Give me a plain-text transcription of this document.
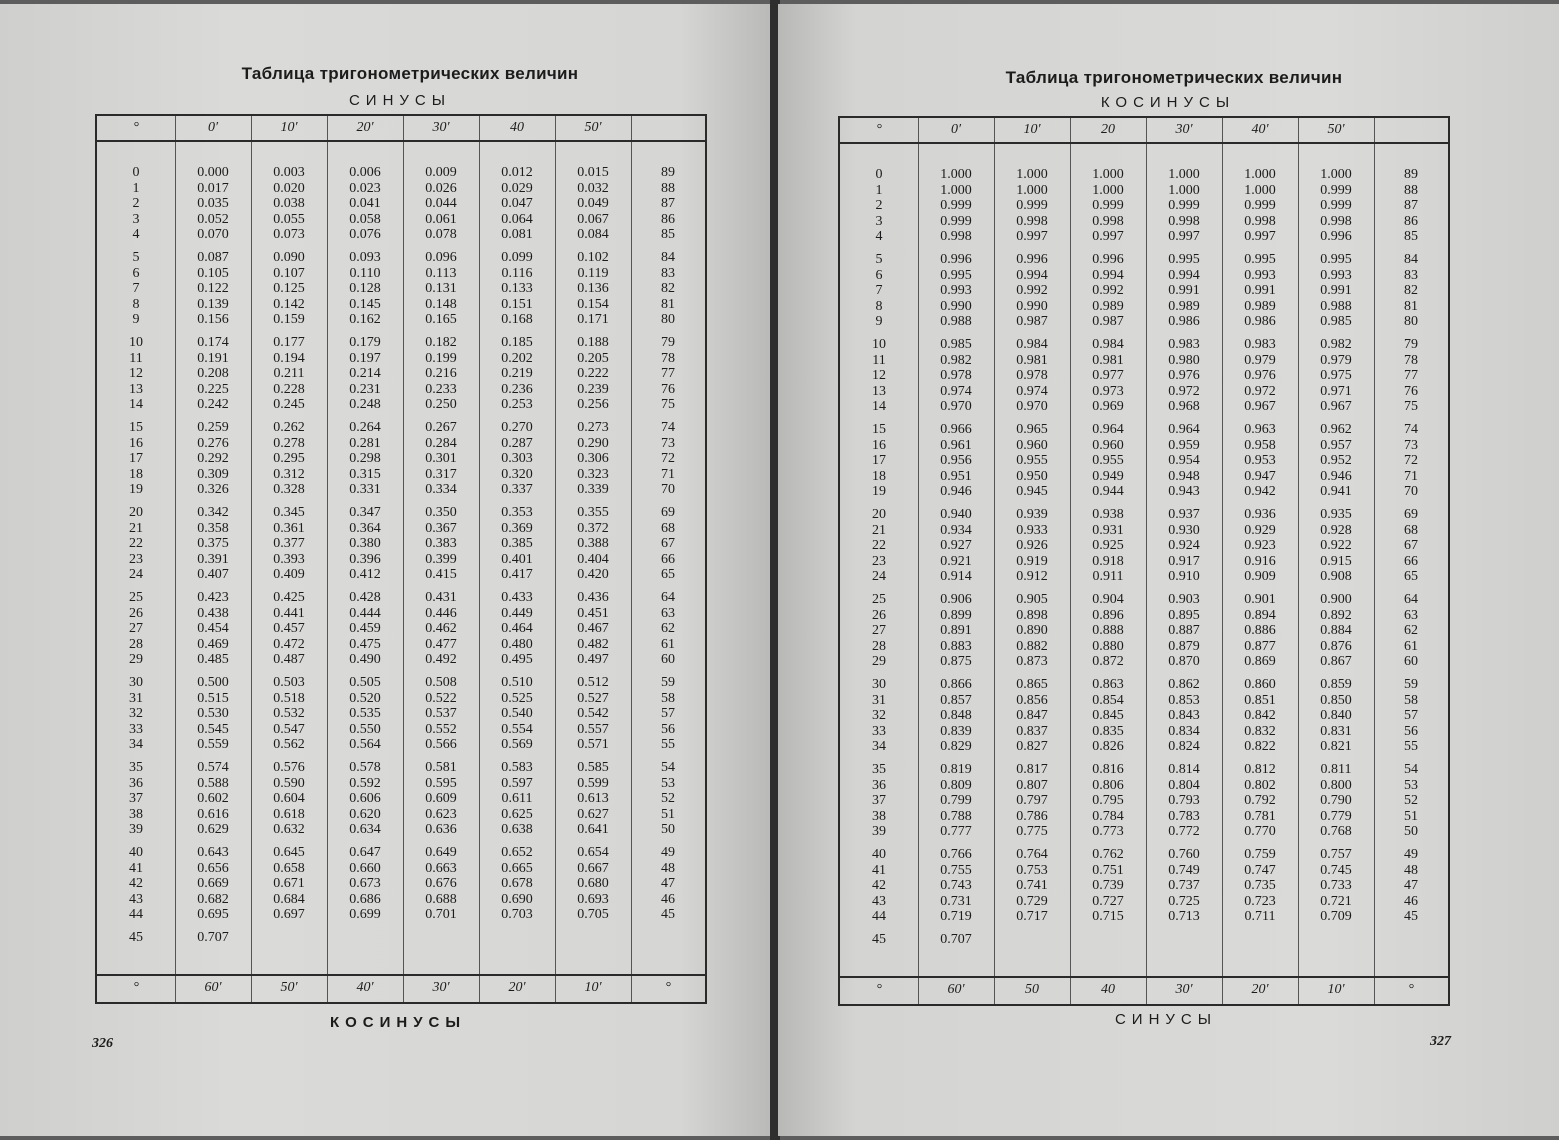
Таблица тригонометрических величин
СИНУСЫ
°	0′	10′	20′	30′	40	50′
0	0.000	0.003	0.006	0.009	0.012	0.015	89
1	0.017	0.020	0.023	0.026	0.029	0.032	88
2	0.035	0.038	0.041	0.044	0.047	0.049	87
3	0.052	0.055	0.058	0.061	0.064	0.067	86
4	0.070	0.073	0.076	0.078	0.081	0.084	85
5	0.087	0.090	0.093	0.096	0.099	0.102	84
6	0.105	0.107	0.110	0.113	0.116	0.119	83
7	0.122	0.125	0.128	0.131	0.133	0.136	82
8	0.139	0.142	0.145	0.148	0.151	0.154	81
9	0.156	0.159	0.162	0.165	0.168	0.171	80
10	0.174	0.177	0.179	0.182	0.185	0.188	79
11	0.191	0.194	0.197	0.199	0.202	0.205	78
12	0.208	0.211	0.214	0.216	0.219	0.222	77
13	0.225	0.228	0.231	0.233	0.236	0.239	76
14	0.242	0.245	0.248	0.250	0.253	0.256	75
15	0.259	0.262	0.264	0.267	0.270	0.273	74
16	0.276	0.278	0.281	0.284	0.287	0.290	73
17	0.292	0.295	0.298	0.301	0.303	0.306	72
18	0.309	0.312	0.315	0.317	0.320	0.323	71
19	0.326	0.328	0.331	0.334	0.337	0.339	70
20	0.342	0.345	0.347	0.350	0.353	0.355	69
21	0.358	0.361	0.364	0.367	0.369	0.372	68
22	0.375	0.377	0.380	0.383	0.385	0.388	67
23	0.391	0.393	0.396	0.399	0.401	0.404	66
24	0.407	0.409	0.412	0.415	0.417	0.420	65
25	0.423	0.425	0.428	0.431	0.433	0.436	64
26	0.438	0.441	0.444	0.446	0.449	0.451	63
27	0.454	0.457	0.459	0.462	0.464	0.467	62
28	0.469	0.472	0.475	0.477	0.480	0.482	61
29	0.485	0.487	0.490	0.492	0.495	0.497	60
30	0.500	0.503	0.505	0.508	0.510	0.512	59
31	0.515	0.518	0.520	0.522	0.525	0.527	58
32	0.530	0.532	0.535	0.537	0.540	0.542	57
33	0.545	0.547	0.550	0.552	0.554	0.557	56
34	0.559	0.562	0.564	0.566	0.569	0.571	55
35	0.574	0.576	0.578	0.581	0.583	0.585	54
36	0.588	0.590	0.592	0.595	0.597	0.599	53
37	0.602	0.604	0.606	0.609	0.611	0.613	52
38	0.616	0.618	0.620	0.623	0.625	0.627	51
39	0.629	0.632	0.634	0.636	0.638	0.641	50
40	0.643	0.645	0.647	0.649	0.652	0.654	49
41	0.656	0.658	0.660	0.663	0.665	0.667	48
42	0.669	0.671	0.673	0.676	0.678	0.680	47
43	0.682	0.684	0.686	0.688	0.690	0.693	46
44	0.695	0.697	0.699	0.701	0.703	0.705	45
45	0.707
°	60′	50′	40′	30′	20′	10′	°
КОСИНУСЫ
326
Таблица тригонометрических величин
КОСИНУСЫ
°	0′	10′	20	30′	40′	50′
0	1.000	1.000	1.000	1.000	1.000	1.000	89
1	1.000	1.000	1.000	1.000	1.000	0.999	88
2	0.999	0.999	0.999	0.999	0.999	0.999	87
3	0.999	0.998	0.998	0.998	0.998	0.998	86
4	0.998	0.997	0.997	0.997	0.997	0.996	85
5	0.996	0.996	0.996	0.995	0.995	0.995	84
6	0.995	0.994	0.994	0.994	0.993	0.993	83
7	0.993	0.992	0.992	0.991	0.991	0.991	82
8	0.990	0.990	0.989	0.989	0.989	0.988	81
9	0.988	0.987	0.987	0.986	0.986	0.985	80
10	0.985	0.984	0.984	0.983	0.983	0.982	79
11	0.982	0.981	0.981	0.980	0.979	0.979	78
12	0.978	0.978	0.977	0.976	0.976	0.975	77
13	0.974	0.974	0.973	0.972	0.972	0.971	76
14	0.970	0.970	0.969	0.968	0.967	0.967	75
15	0.966	0.965	0.964	0.964	0.963	0.962	74
16	0.961	0.960	0.960	0.959	0.958	0.957	73
17	0.956	0.955	0.955	0.954	0.953	0.952	72
18	0.951	0.950	0.949	0.948	0.947	0.946	71
19	0.946	0.945	0.944	0.943	0.942	0.941	70
20	0.940	0.939	0.938	0.937	0.936	0.935	69
21	0.934	0.933	0.931	0.930	0.929	0.928	68
22	0.927	0.926	0.925	0.924	0.923	0.922	67
23	0.921	0.919	0.918	0.917	0.916	0.915	66
24	0.914	0.912	0.911	0.910	0.909	0.908	65
25	0.906	0.905	0.904	0.903	0.901	0.900	64
26	0.899	0.898	0.896	0.895	0.894	0.892	63
27	0.891	0.890	0.888	0.887	0.886	0.884	62
28	0.883	0.882	0.880	0.879	0.877	0.876	61
29	0.875	0.873	0.872	0.870	0.869	0.867	60
30	0.866	0.865	0.863	0.862	0.860	0.859	59
31	0.857	0.856	0.854	0.853	0.851	0.850	58
32	0.848	0.847	0.845	0.843	0.842	0.840	57
33	0.839	0.837	0.835	0.834	0.832	0.831	56
34	0.829	0.827	0.826	0.824	0.822	0.821	55
35	0.819	0.817	0.816	0.814	0.812	0.811	54
36	0.809	0.807	0.806	0.804	0.802	0.800	53
37	0.799	0.797	0.795	0.793	0.792	0.790	52
38	0.788	0.786	0.784	0.783	0.781	0.779	51
39	0.777	0.775	0.773	0.772	0.770	0.768	50
40	0.766	0.764	0.762	0.760	0.759	0.757	49
41	0.755	0.753	0.751	0.749	0.747	0.745	48
42	0.743	0.741	0.739	0.737	0.735	0.733	47
43	0.731	0.729	0.727	0.725	0.723	0.721	46
44	0.719	0.717	0.715	0.713	0.711	0.709	45
45	0.707
°	60′	50	40	30′	20′	10′	°
СИНУСЫ
327
